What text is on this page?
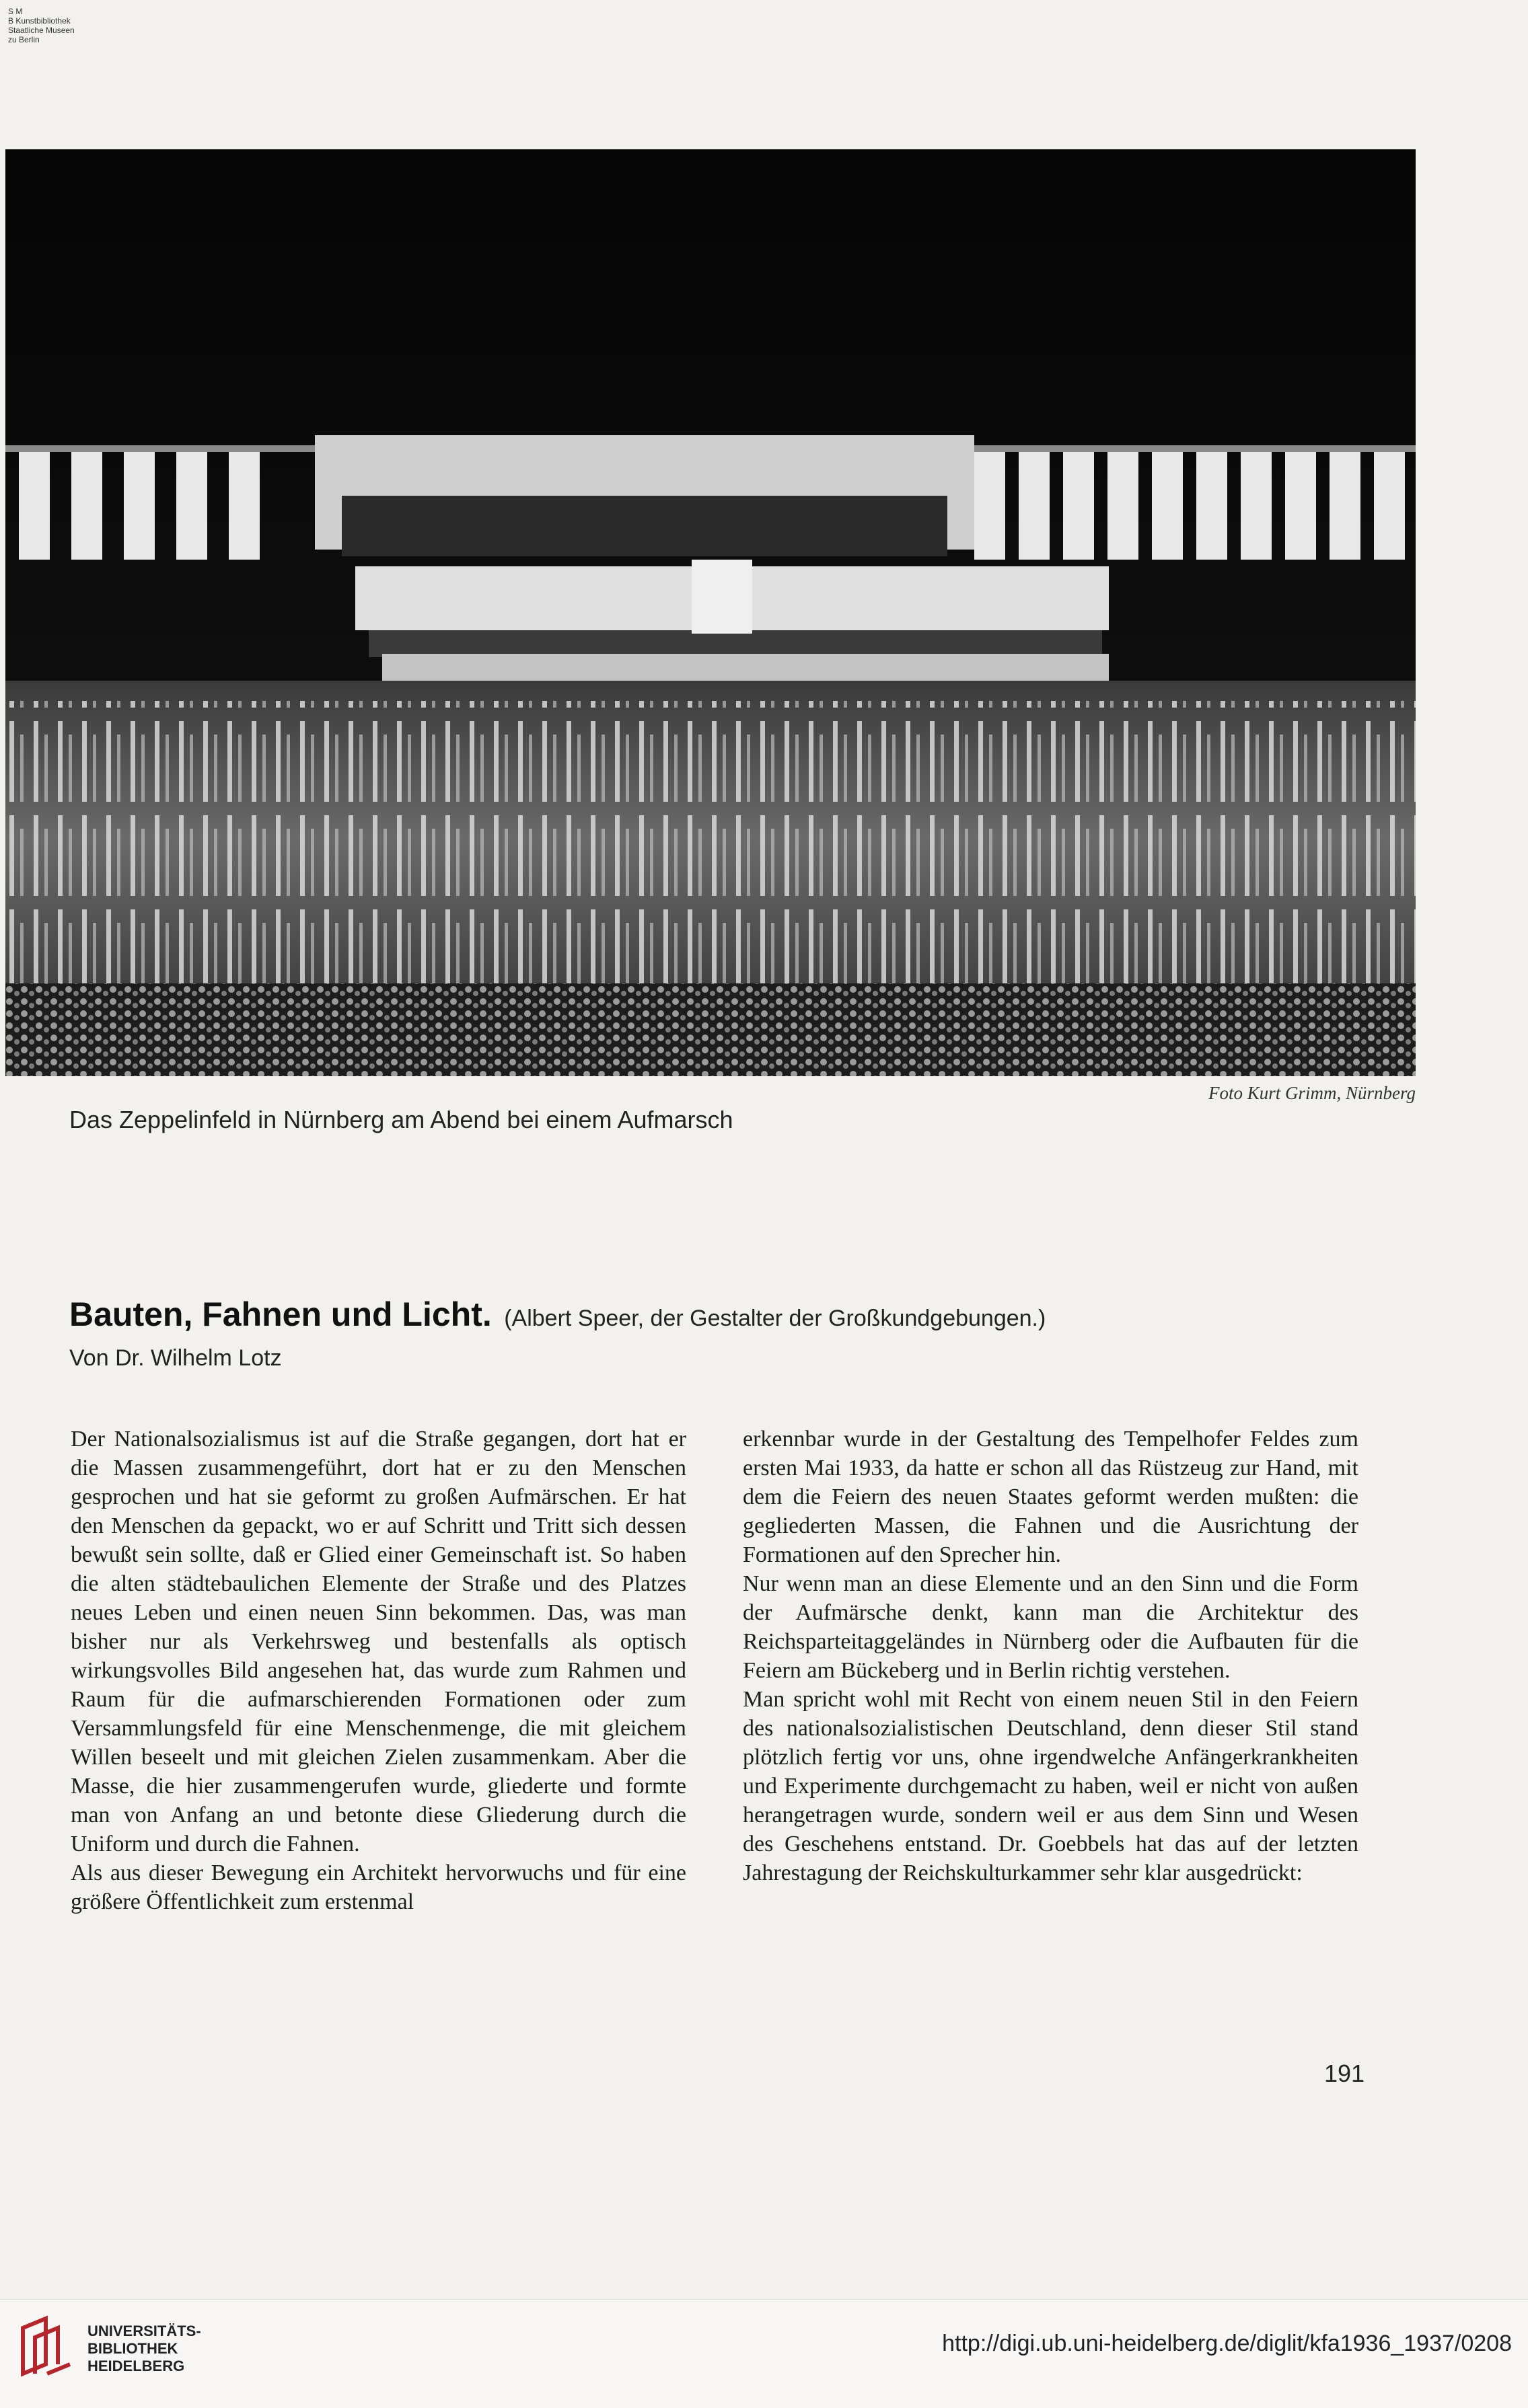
S M
B Kunstbibliothek
Staatliche Museen
zu Berlin
Foto Kurt Grimm, Nürnberg
Das Zeppelinfeld in Nürnberg am Abend bei einem Aufmarsch
Bauten, Fahnen und Licht. (Albert Speer, der Gestalter der Großkundgebungen.)
Von Dr. Wilhelm Lotz

Der Nationalsozialismus ist auf die Straße gegangen, dort hat er die Massen zusammengeführt, dort hat er zu den Menschen gesprochen und hat sie geformt zu großen Aufmärschen. Er hat den Menschen da gepackt, wo er auf Schritt und Tritt sich dessen bewußt sein sollte, daß er Glied einer Gemeinschaft ist. So haben die alten städtebaulichen Elemente der Straße und des Platzes neues Leben und einen neuen Sinn bekommen. Das, was man bisher nur als Verkehrsweg und bestenfalls als optisch wirkungsvolles Bild angesehen hat, das wurde zum Rahmen und Raum für die aufmarschierenden Formationen oder zum Versammlungsfeld für eine Menschenmenge, die mit gleichem Willen beseelt und mit gleichen Zielen zusammenkam. Aber die Masse, die hier zusammengerufen wurde, gliederte und formte man von Anfang an und betonte diese Gliederung durch die Uniform und durch die Fahnen.

Als aus dieser Bewegung ein Architekt hervorwuchs und für eine größere Öffentlichkeit zum erstenmal

erkennbar wurde in der Gestaltung des Tempelhofer Feldes zum ersten Mai 1933, da hatte er schon all das Rüstzeug zur Hand, mit dem die Feiern des neuen Staates geformt werden mußten: die gegliederten Massen, die Fahnen und die Ausrichtung der Formationen auf den Sprecher hin.

Nur wenn man an diese Elemente und an den Sinn und die Form der Aufmärsche denkt, kann man die Architektur des Reichsparteitaggeländes in Nürnberg oder die Aufbauten für die Feiern am Bückeberg und in Berlin richtig verstehen.

Man spricht wohl mit Recht von einem neuen Stil in den Feiern des nationalsozialistischen Deutschland, denn dieser Stil stand plötzlich fertig vor uns, ohne irgendwelche Anfängerkrankheiten und Experimente durchgemacht zu haben, weil er nicht von außen herangetragen wurde, sondern weil er aus dem Sinn und Wesen des Geschehens entstand. Dr. Goebbels hat das auf der letzten Jahrestagung der Reichskulturkammer sehr klar ausgedrückt:

191
UNIVERSITÄTS-
BIBLIOTHEK
HEIDELBERG
http://digi.ub.uni-heidelberg.de/diglit/kfa1936_1937/0208
